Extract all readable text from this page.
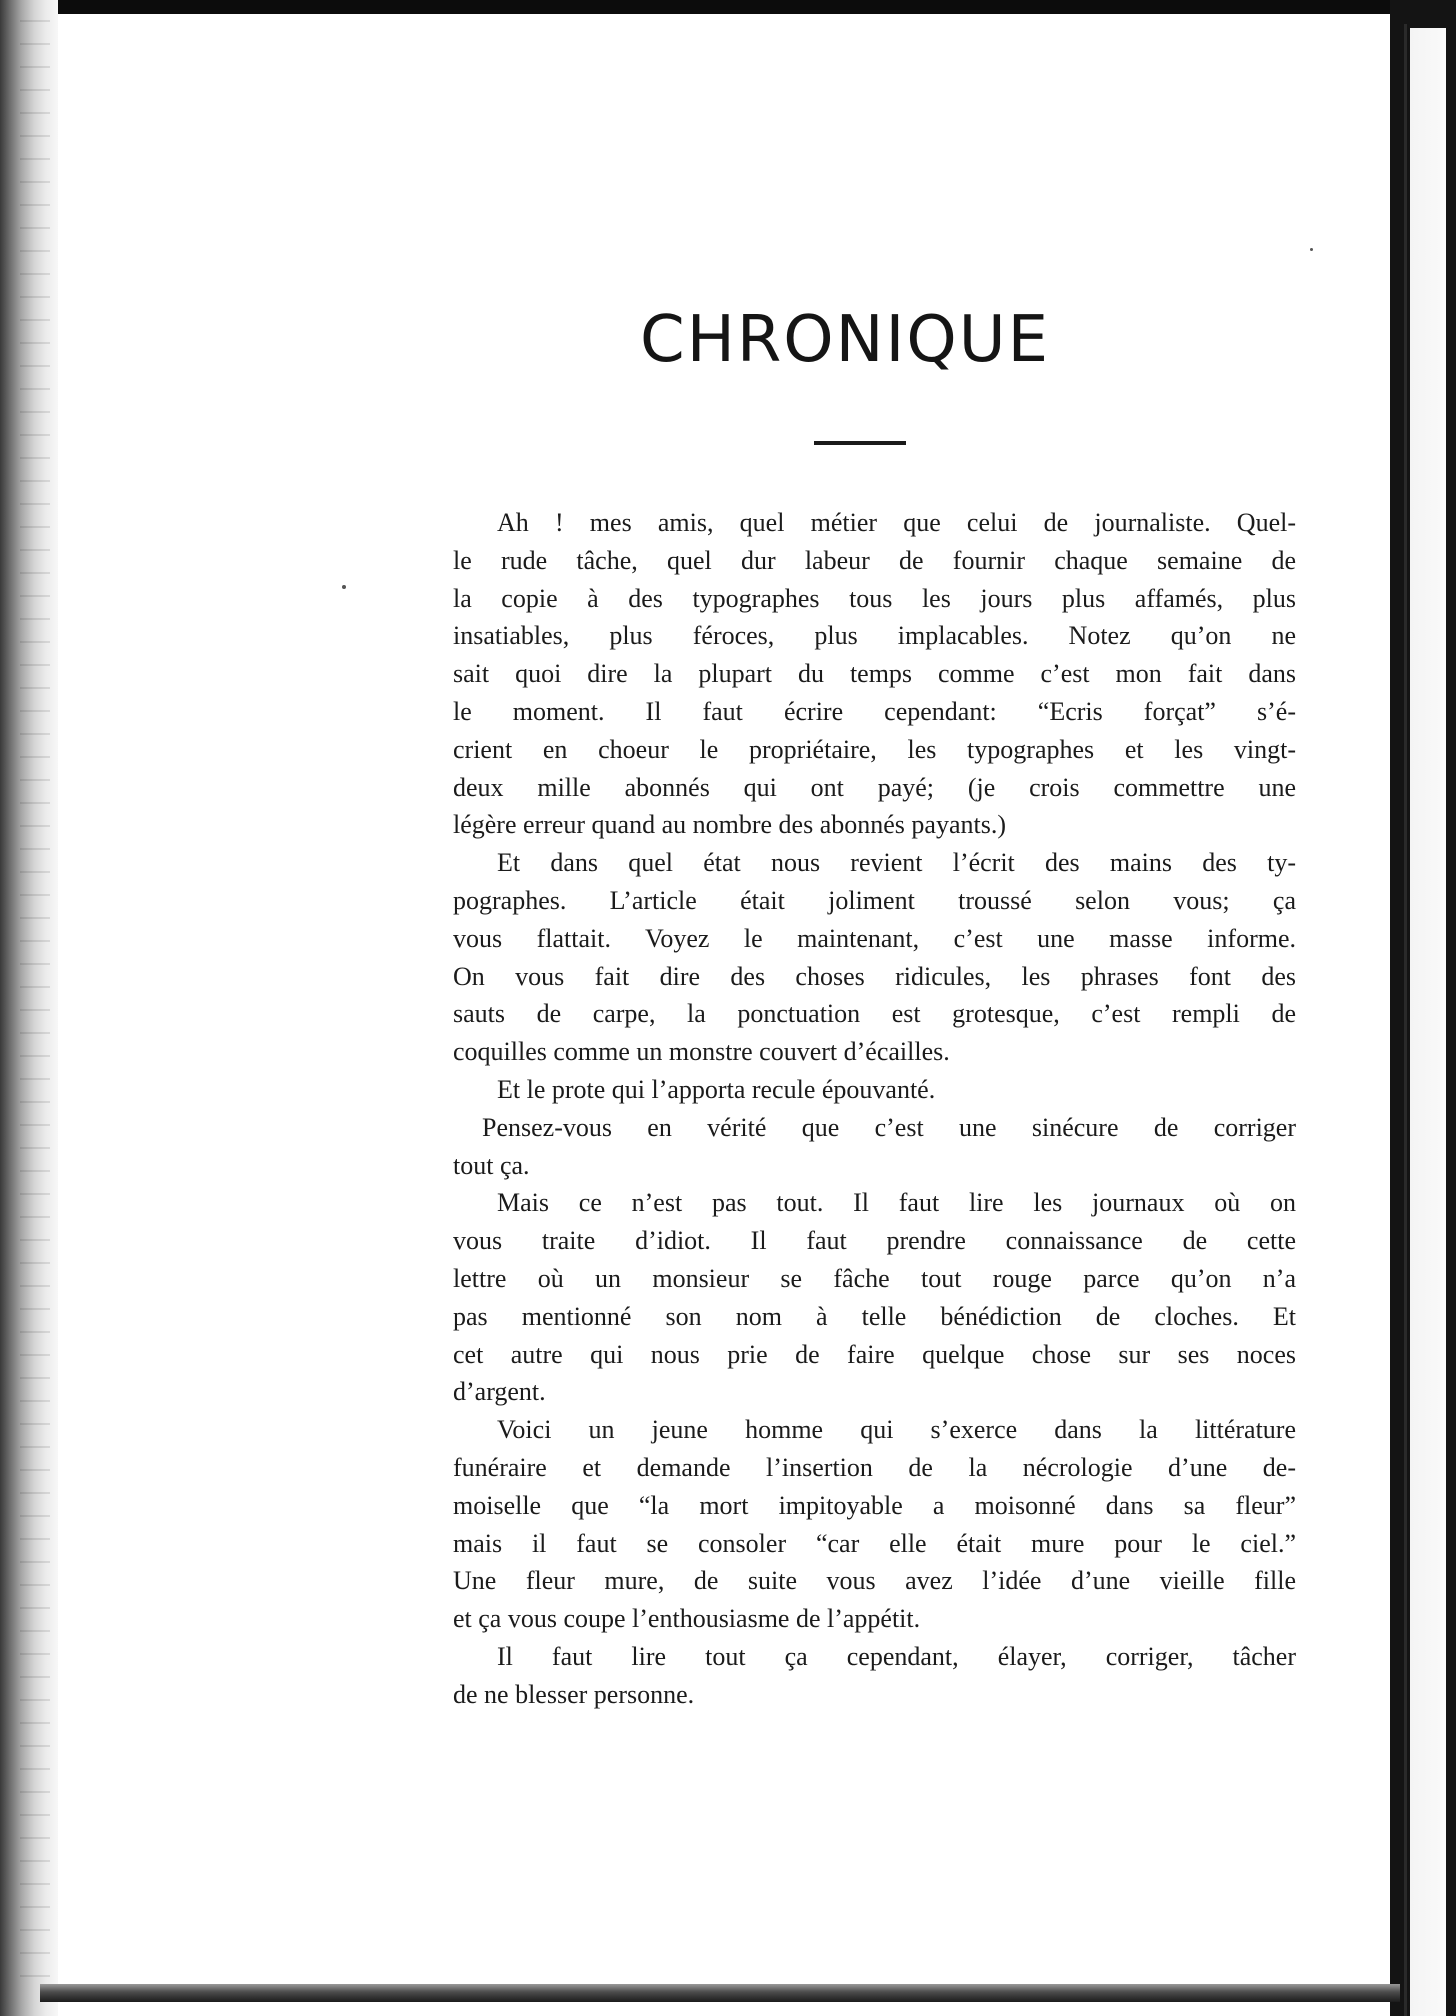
CHRONIQUE
Ah ! mes amis, quel métier que celui de journaliste. Quel-
le rude tâche, quel dur labeur de fournir chaque semaine de
la copie à des typographes tous les jours plus affamés, plus
insatiables, plus féroces, plus implacables. Notez qu’on ne
sait quoi dire la plupart du temps comme c’est mon fait dans
le moment. Il faut écrire cependant: “Ecris forçat” s’é-
crient en choeur le propriétaire, les typographes et les vingt-
deux mille abonnés qui ont payé; (je crois commettre une
légère erreur quand au nombre des abonnés payants.)
Et dans quel état nous revient l’écrit des mains des ty-
pographes. L’article était joliment troussé selon vous; ça
vous flattait. Voyez le maintenant, c’est une masse informe.
On vous fait dire des choses ridicules, les phrases font des
sauts de carpe, la ponctuation est grotesque, c’est rempli de
coquilles comme un monstre couvert d’écailles.
Et le prote qui l’apporta recule épouvanté.
Pensez-vous en vérité que c’est une sinécure de corriger
tout ça.
Mais ce n’est pas tout. Il faut lire les journaux où on
vous traite d’idiot. Il faut prendre connaissance de cette
lettre où un monsieur se fâche tout rouge parce qu’on n’a
pas mentionné son nom à telle bénédiction de cloches. Et
cet autre qui nous prie de faire quelque chose sur ses noces
d’argent.
Voici un jeune homme qui s’exerce dans la littérature
funéraire et demande l’insertion de la nécrologie d’une de-
moiselle que “la mort impitoyable a moisonné dans sa fleur”
mais il faut se consoler “car elle était mure pour le ciel.”
Une fleur mure, de suite vous avez l’idée d’une vieille fille
et ça vous coupe l’enthousiasme de l’appétit.
Il faut lire tout ça cependant, élayer, corriger, tâcher
de ne blesser personne.
